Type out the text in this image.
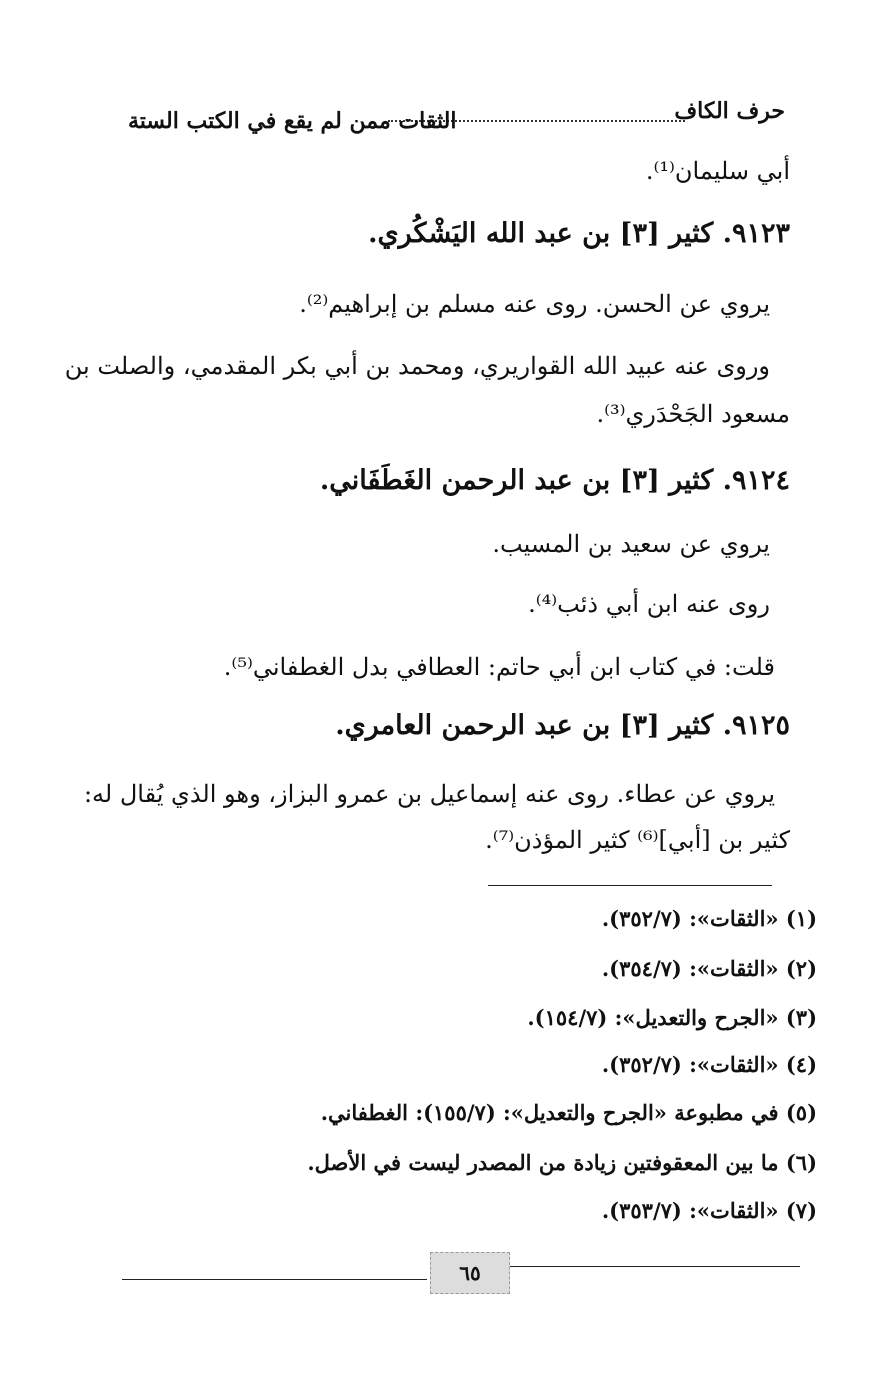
حرف الكاف
الثقات ممن لم يقع في الكتب الستة
أبي سليمان⁽¹⁾.
٩١٢٣. كثير [٣] بن عبد الله اليَشْكُري.
يروي عن الحسن. روى عنه مسلم بن إبراهيم⁽²⁾.
وروى عنه عبيد الله القواريري، ومحمد بن أبي بكر المقدمي، والصلت بن
مسعود الجَحْدَري⁽³⁾.
٩١٢٤. كثير [٣] بن عبد الرحمن الغَطَفَاني.
يروي عن سعيد بن المسيب.
روى عنه ابن أبي ذئب⁽⁴⁾.
قلت: في كتاب ابن أبي حاتم: العطافي بدل الغطفاني⁽⁵⁾.
٩١٢٥. كثير [٣] بن عبد الرحمن العامري.
يروي عن عطاء. روى عنه إسماعيل بن عمرو البزاز، وهو الذي يُقال له:
كثير بن [أبي]⁽⁶⁾ كثير المؤذن⁽⁷⁾.
(١) «الثقات»: (٣٥٢/٧).
(٢) «الثقات»: (٣٥٤/٧).
(٣) «الجرح والتعديل»: (١٥٤/٧).
(٤) «الثقات»: (٣٥٢/٧).
(٥) في مطبوعة «الجرح والتعديل»: (١٥٥/٧): الغطفاني.
(٦) ما بين المعقوفتين زيادة من المصدر ليست في الأصل.
(٧) «الثقات»: (٣٥٣/٧).
٦٥
